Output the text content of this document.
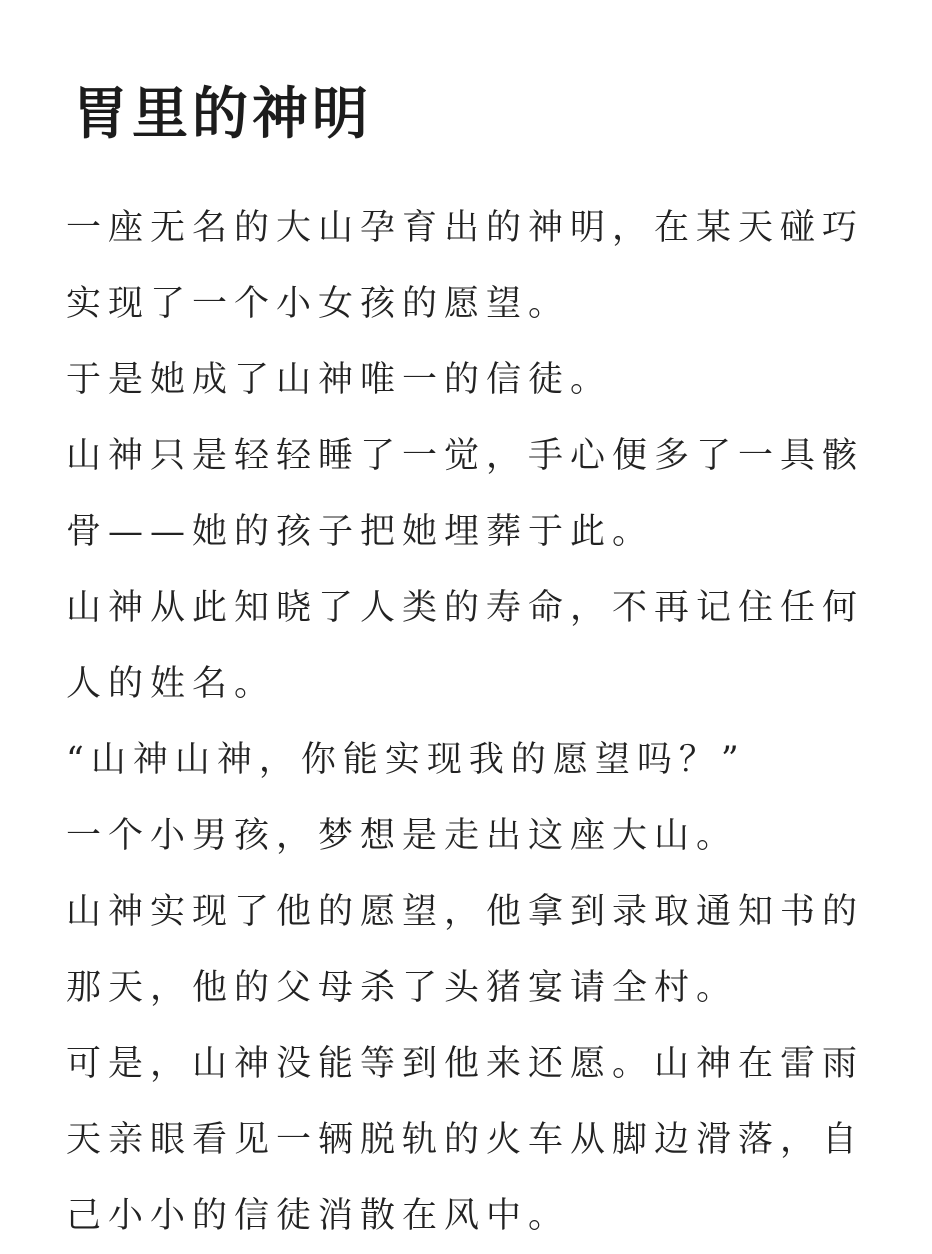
胃里的神明
一座无名的大山孕育出的神明，在某天碰巧
实现了一个小女孩的愿望。
于是她成了山神唯一的信徒。
山神只是轻轻睡了一觉，手心便多了一具骸
骨——她的孩子把她埋葬于此。
山神从此知晓了人类的寿命，不再记住任何
人的姓名。
“山神山神，你能实现我的愿望吗？”
一个小男孩，梦想是走出这座大山。
山神实现了他的愿望，他拿到录取通知书的
那天，他的父母杀了头猪宴请全村。
可是，山神没能等到他来还愿。山神在雷雨
天亲眼看见一辆脱轨的火车从脚边滑落，自
己小小的信徒消散在风中。
